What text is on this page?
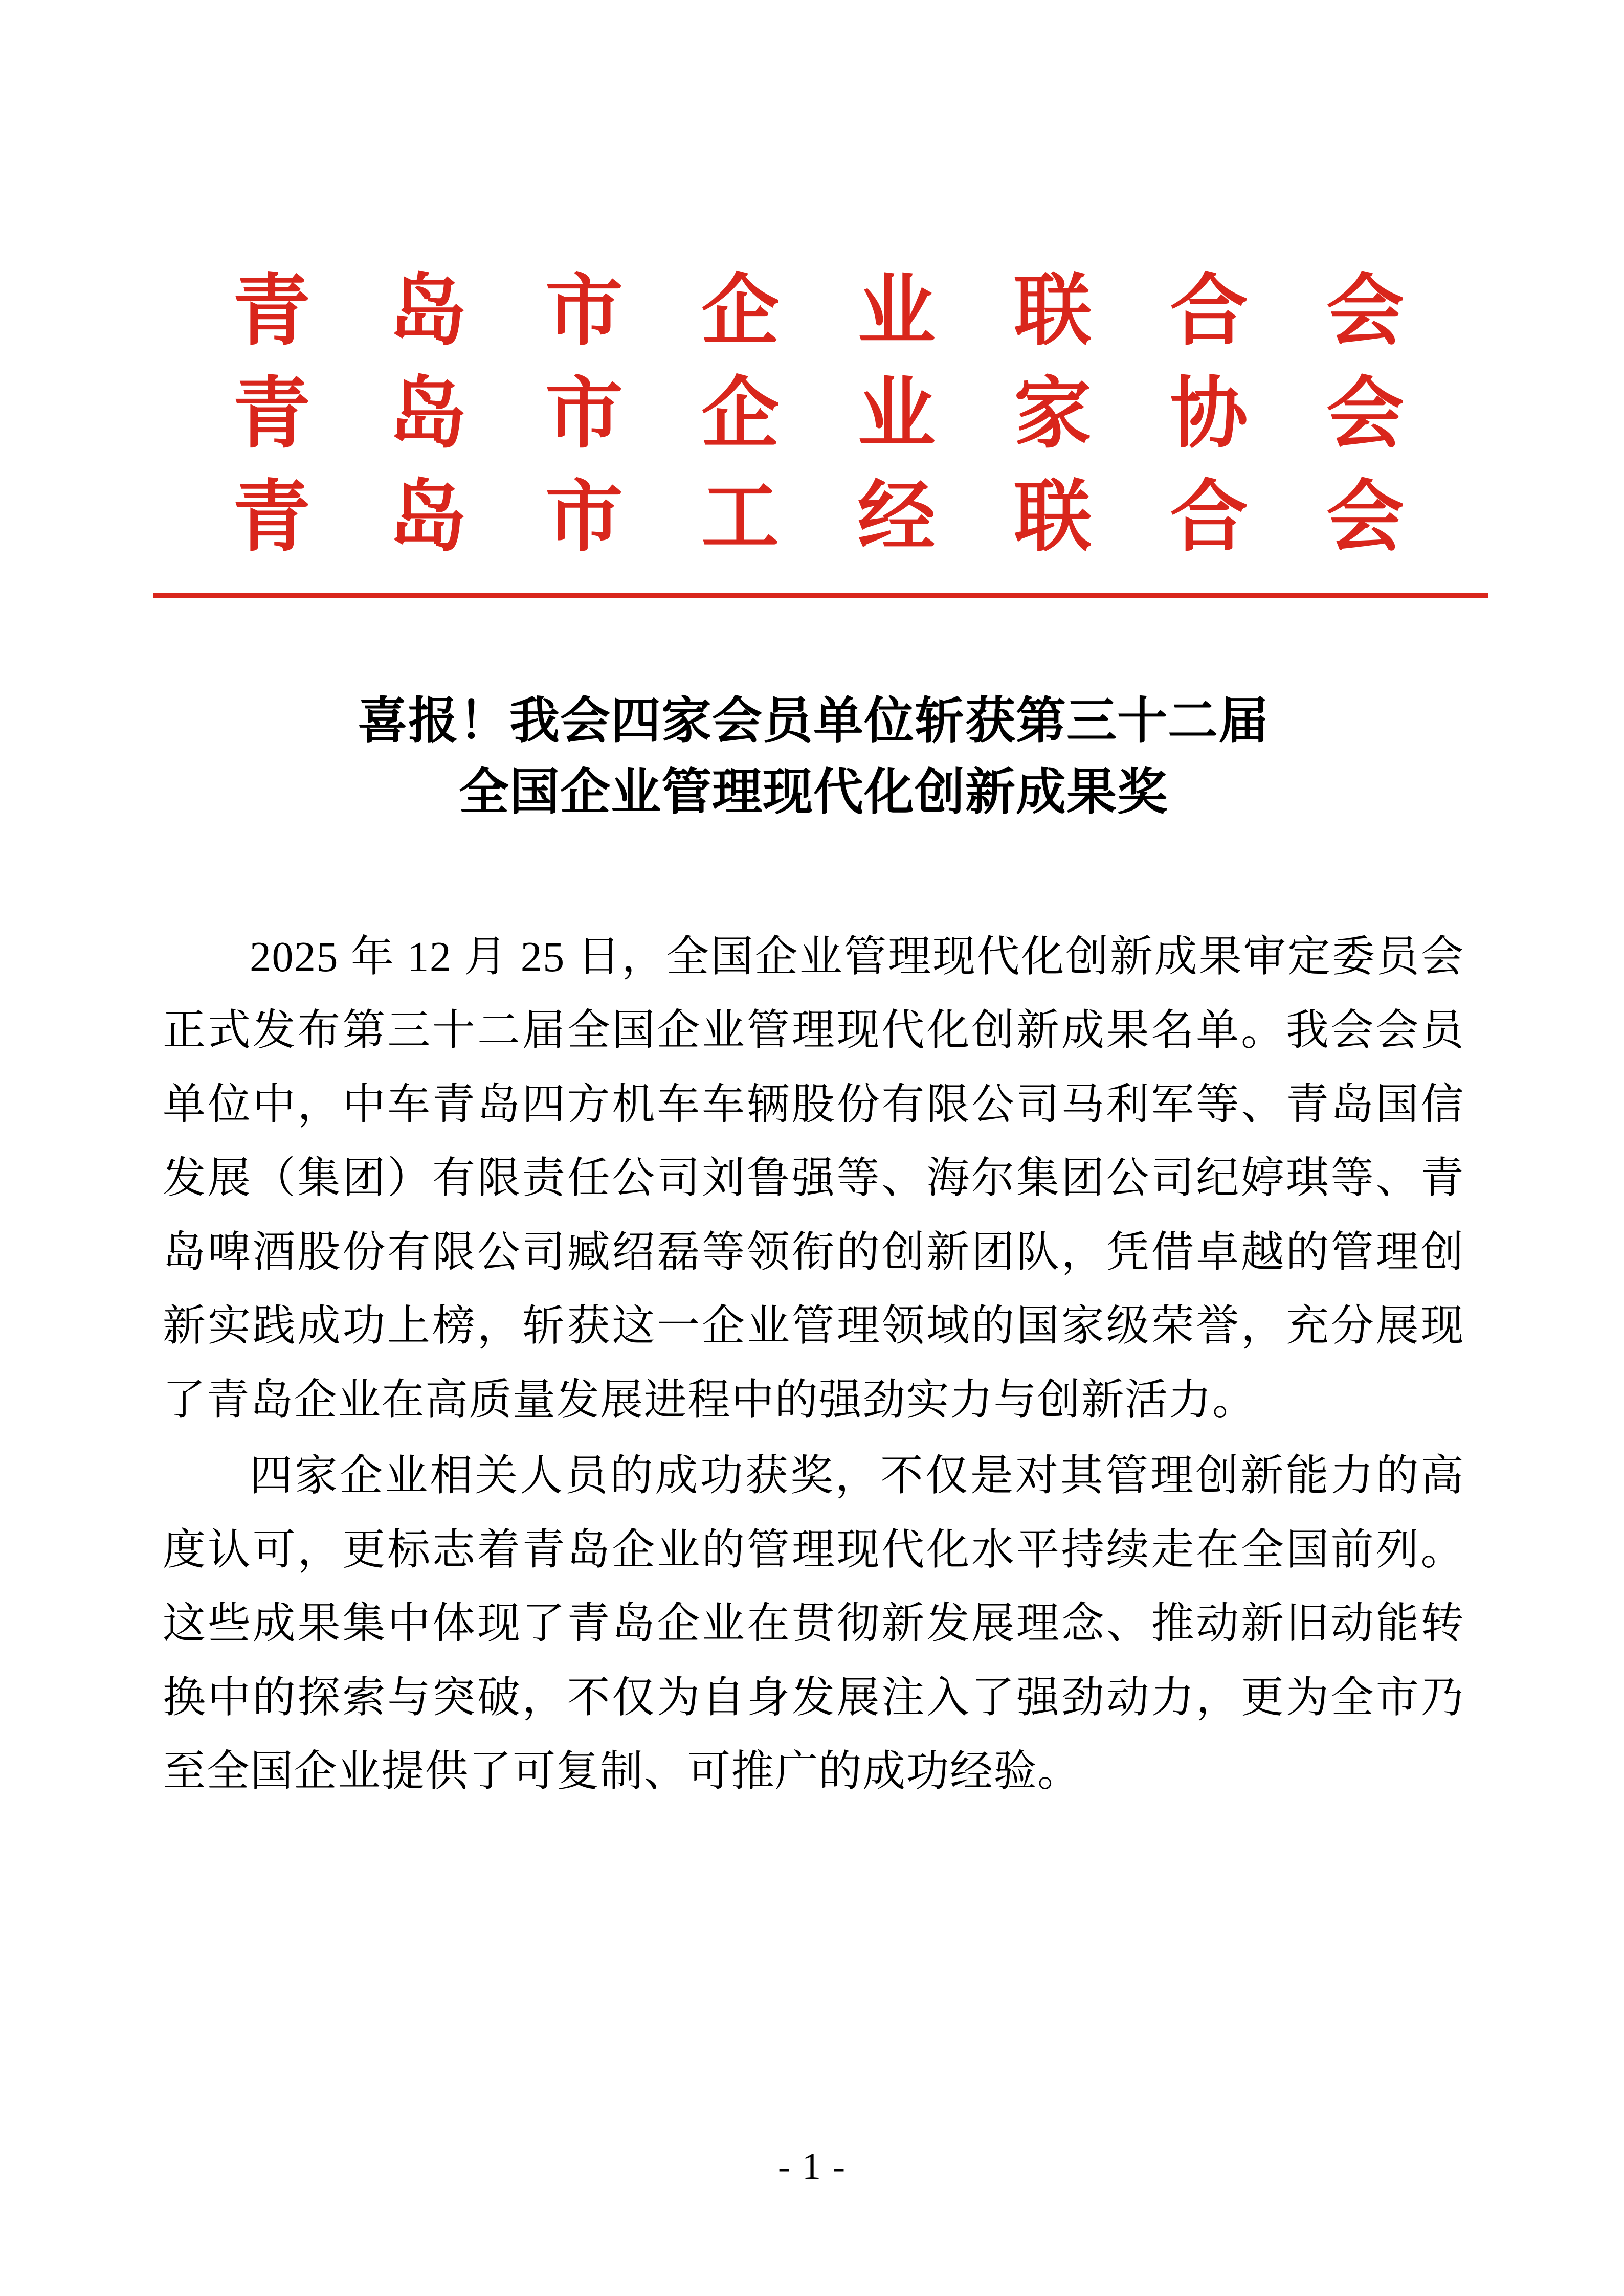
青 岛 市 企 业 联 合 会
青 岛 市 企 业 家 协 会
青 岛 市 工 经 联 合 会
喜报！我会四家会员单位斩获第三十二届
全国企业管理现代化创新成果奖

2025 年 12 月 25 日，全国企业管理现代化创新成果审定委员会正式发布第三十二届全国企业管理现代化创新成果名单。我会会员单位中，中车青岛四方机车车辆股份有限公司马利军等、青岛国信发展（集团）有限责任公司刘鲁强等、海尔集团公司纪婷琪等、青岛啤酒股份有限公司臧绍磊等领衔的创新团队，凭借卓越的管理创新实践成功上榜，斩获这一企业管理领域的国家级荣誉，充分展现了青岛企业在高质量发展进程中的强劲实力与创新活力。

四家企业相关人员的成功获奖，不仅是对其管理创新能力的高度认可，更标志着青岛企业的管理现代化水平持续走在全国前列。这些成果集中体现了青岛企业在贯彻新发展理念、推动新旧动能转换中的探索与突破，不仅为自身发展注入了强劲动力，更为全市乃至全国企业提供了可复制、可推广的成功经验。

- 1 -
